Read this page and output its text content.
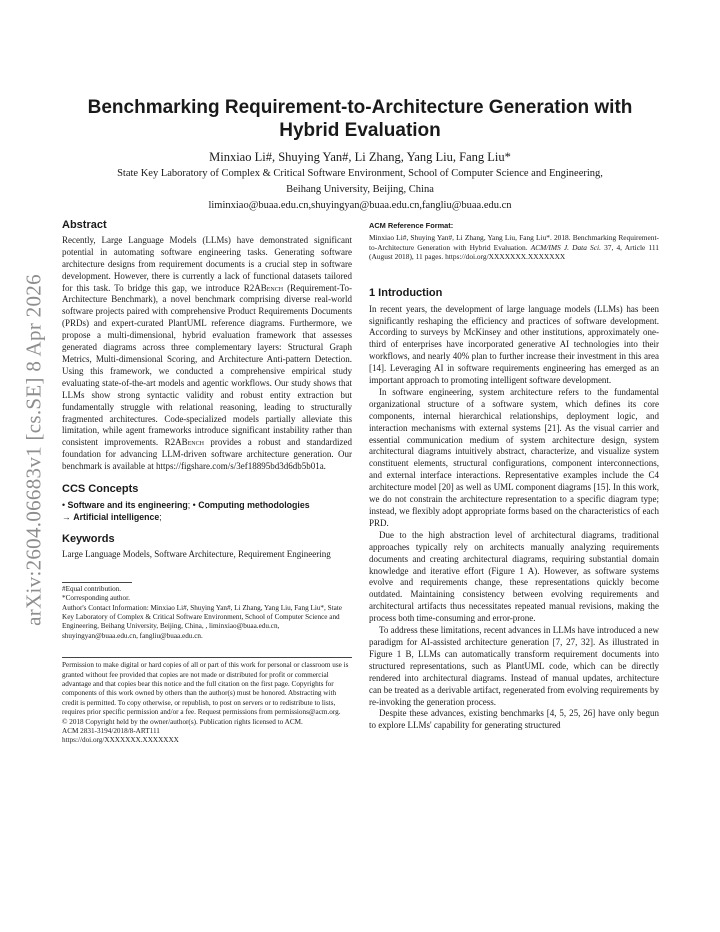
arXiv:2604.06683v1 [cs.SE] 8 Apr 2026
Benchmarking Requirement-to-Architecture Generation with Hybrid Evaluation
Minxiao Li#, Shuying Yan#, Li Zhang, Yang Liu, Fang Liu*
State Key Laboratory of Complex & Critical Software Environment, School of Computer Science and Engineering,
Beihang University, Beijing, China
liminxiao@buaa.edu.cn,shuyingyan@buaa.edu.cn,fangliu@buaa.edu.cn
Abstract

Recently, Large Language Models (LLMs) have demonstrated significant potential in automating software engineering tasks. Generating software architecture designs from requirement documents is a crucial step in software development. However, there is currently a lack of functional datasets tailored for this task. To bridge this gap, we introduce R2ABench (Requirement-To-Architecture Benchmark), a novel benchmark comprising diverse real-world software projects paired with comprehensive Product Requirements Documents (PRDs) and expert-curated PlantUML reference diagrams. Furthermore, we propose a multi-dimensional, hybrid evaluation framework that assesses generated diagrams across three complementary layers: Structural Graph Metrics, Multi-dimensional Scoring, and Architecture Anti-pattern Detection. Using this framework, we conducted a comprehensive empirical study evaluating state-of-the-art models and agentic workflows. Our study shows that LLMs show strong syntactic validity and robust entity extraction but fundamentally struggle with relational reasoning, leading to structurally fragmented architectures. Code-specialized models partially alleviate this limitation, while agent frameworks introduce significant instability rather than consistent improvements. R2ABench provides a robust and standardized foundation for advancing LLM-driven software architecture generation. Our benchmark is available at https://figshare.com/s/3ef18895bd3d6db5b01a.

CCS Concepts

• Software and its engineering; • Computing methodologies
→ Artificial intelligence;

Keywords

Large Language Models, Software Architecture, Requirement Engineering

#Equal contribution.
*Corresponding author.
Author's Contact Information: Minxiao Li#, Shuying Yan#, Li Zhang, Yang Liu, Fang Liu*, State Key Laboratory of Complex & Critical Software Environment, School of Computer Science and Engineering, Beihang University, Beijing, China, , liminxiao@buaa.edu.cn, shuyingyan@buaa.edu.cn, fangliu@buaa.edu.cn.
Permission to make digital or hard copies of all or part of this work for personal or classroom use is granted without fee provided that copies are not made or distributed for profit or commercial advantage and that copies bear this notice and the full citation on the first page. Copyrights for components of this work owned by others than the author(s) must be honored. Abstracting with credit is permitted. To copy otherwise, or republish, to post on servers or to redistribute to lists, requires prior specific permission and/or a fee. Request permissions from permissions@acm.org.
© 2018 Copyright held by the owner/author(s). Publication rights licensed to ACM.
ACM 2831-3194/2018/8-ART111
https://doi.org/XXXXXXX.XXXXXXX
ACM Reference Format:
Minxiao Li#, Shuying Yan#, Li Zhang, Yang Liu, Fang Liu*. 2018. Benchmarking Requirement-to-Architecture Generation with Hybrid Evaluation. ACM/IMS J. Data Sci. 37, 4, Article 111 (August 2018), 11 pages. https://doi.org/XXXXXXX.XXXXXXX
1 Introduction

In recent years, the development of large language models (LLMs) has been significantly reshaping the efficiency and practices of software development. According to surveys by McKinsey and other institutions, approximately one-third of enterprises have incorporated generative AI technologies into their workflows, and nearly 40% plan to further increase their investment in this area [14]. Leveraging AI in software requirements engineering has emerged as an important approach to promoting intelligent software development.

In software engineering, system architecture refers to the fundamental organizational structure of a software system, which defines its core components, internal hierarchical relationships, deployment logic, and interaction mechanisms with external systems [21]. As the visual carrier and essential communication medium of system architecture design, system architectural diagrams intuitively abstract, characterize, and visualize system constituent elements, structural configurations, component interconnections, and external interface interactions. Representative examples include the C4 architecture model [20] as well as UML component diagrams [15]. In this work, we do not constrain the architecture representation to a specific diagram type; instead, we flexibly adopt appropriate forms based on the characteristics of each PRD.

Due to the high abstraction level of architectural diagrams, traditional approaches typically rely on architects manually analyzing requirements documents and creating architectural diagrams, requiring substantial domain knowledge and iterative effort (Figure 1 A). However, as software systems evolve and requirements change, these representations quickly become outdated. Maintaining consistency between evolving requirements and architectural artifacts thus necessitates repeated manual revisions, making the process both time-consuming and error-prone.

To address these limitations, recent advances in LLMs have introduced a new paradigm for AI-assisted architecture generation [7, 27, 32]. As illustrated in Figure 1 B, LLMs can automatically transform requirement documents into structured representations, such as PlantUML code, which can be directly rendered into architectural diagrams. Instead of manual updates, architecture can be treated as a derivable artifact, regenerated from evolving requirements by re-invoking the generation process.

Despite these advances, existing benchmarks [4, 5, 25, 26] have only begun to explore LLMs' capability for generating structured
